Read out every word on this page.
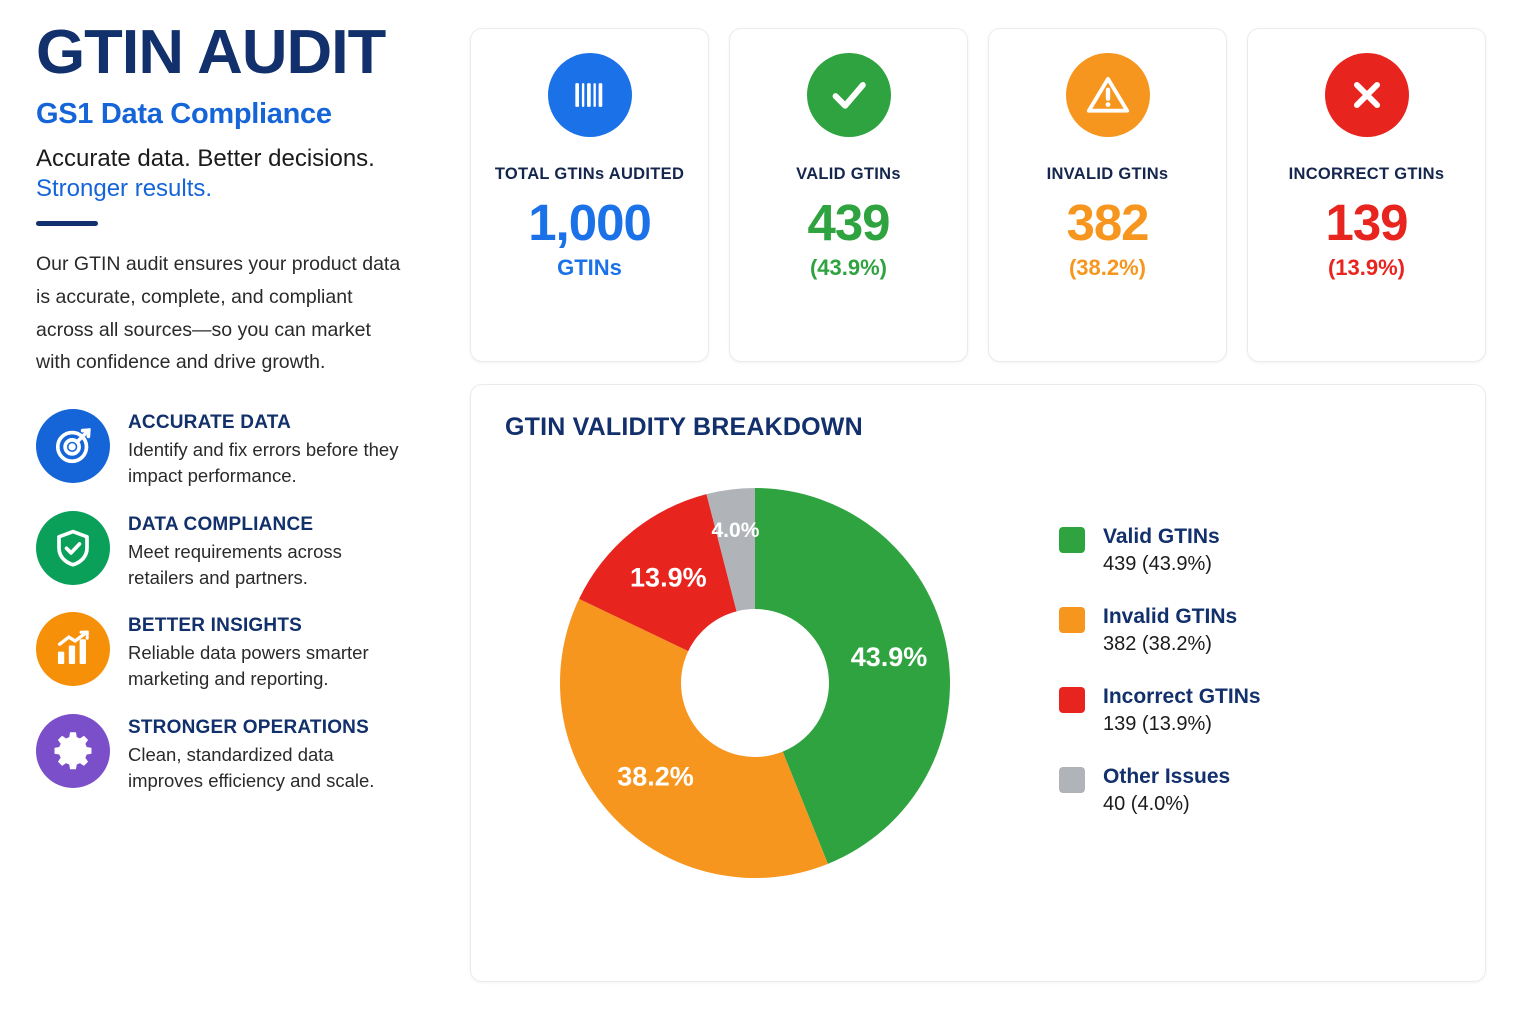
GTIN AUDIT
GS1 Data Compliance
Accurate data. Better decisions.
Stronger results.
Our GTIN audit ensures your product data is accurate, complete, and compliant across all sources—so you can market with confidence and drive growth.
ACCURATE DATA
Identify and fix errors before they impact performance.
DATA COMPLIANCE
Meet requirements across retailers and partners.
BETTER INSIGHTS
Reliable data powers smarter marketing and reporting.
STRONGER OPERATIONS
Clean, standardized data improves efficiency and scale.
TOTAL GTINs AUDITED
1,000
GTINs
VALID GTINs
439
(43.9%)
INVALID GTINs
382
(38.2%)
INCORRECT GTINs
139
(13.9%)
GTIN VALIDITY BREAKDOWN
43.9%
38.2%
13.9%
4.0%	Valid GTINs
439 (43.9%)
Invalid GTINs
382 (38.2%)
Incorrect GTINs
139 (13.9%)
Other Issues
40 (4.0%)
